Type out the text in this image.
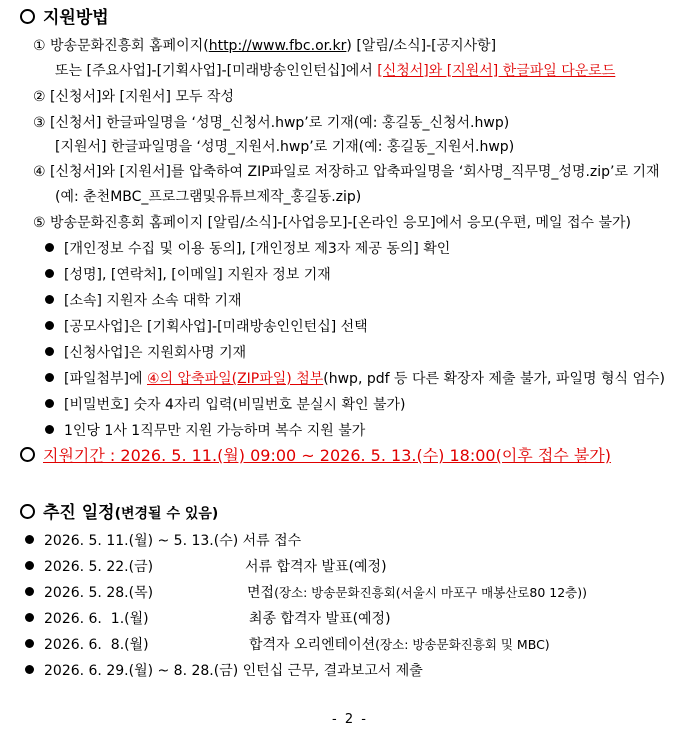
지원방법
① 방송문화진흥회 홈페이지(http://www.fbc.or.kr) [알림/소식]-[공지사항]
또는 [주요사업]-[기획사업]-[미래방송인인턴십]에서 [신청서]와 [지원서] 한글파일 다운로드
② [신청서]와 [지원서] 모두 작성
③ [신청서] 한글파일명을 ‘성명_신청서.hwp’로 기재(예: 홍길동_신청서.hwp)
[지원서] 한글파일명을 ‘성명_지원서.hwp’로 기재(예: 홍길동_지원서.hwp)
④ [신청서]와 [지원서]를 압축하여 ZIP파일로 저장하고 압축파일명을 ‘회사명_직무명_성명.zip’로 기재
(예: 춘천MBC_프로그램및유튜브제작_홍길동.zip)
⑤ 방송문화진흥회 홈페이지 [알림/소식]-[사업응모]-[온라인 응모]에서 응모(우편, 메일 접수 불가)
[개인정보 수집 및 이용 동의], [개인정보 제3자 제공 동의] 확인
[성명], [연락처], [이메일] 지원자 정보 기재
[소속] 지원자 소속 대학 기재
[공모사업]은 [기획사업]-[미래방송인인턴십] 선택
[신청사업]은 지원회사명 기재
[파일첨부]에 ④의 압축파일(ZIP파일) 첨부(hwp, pdf 등 다른 확장자 제출 불가, 파일명 형식 엄수)
[비밀번호] 숫자 4자리 입력(비밀번호 분실시 확인 불가)
1인당 1사 1직무만 지원 가능하며 복수 지원 불가
지원기간 : 2026. 5. 11.(월) 09:00 ~ 2026. 5. 13.(수) 18:00(이후 접수 불가)
추진 일정(변경될 수 있음)
2026. 5. 11.(월) ~ 5. 13.(수) 서류 접수
2026. 5. 22.(금)	서류 합격자 발표(예정)
2026. 5. 28.(목)	면접(장소: 방송문화진흥회(서울시 마포구 매봉산로80 12층))
2026. 6.  1.(월)	최종 합격자 발표(예정)
2026. 6.  8.(월)	합격자 오리엔테이션(장소: 방송문화진흥회 및 MBC)
2026. 6. 29.(월) ~ 8. 28.(금) 인턴십 근무, 결과보고서 제출
- 2 -
